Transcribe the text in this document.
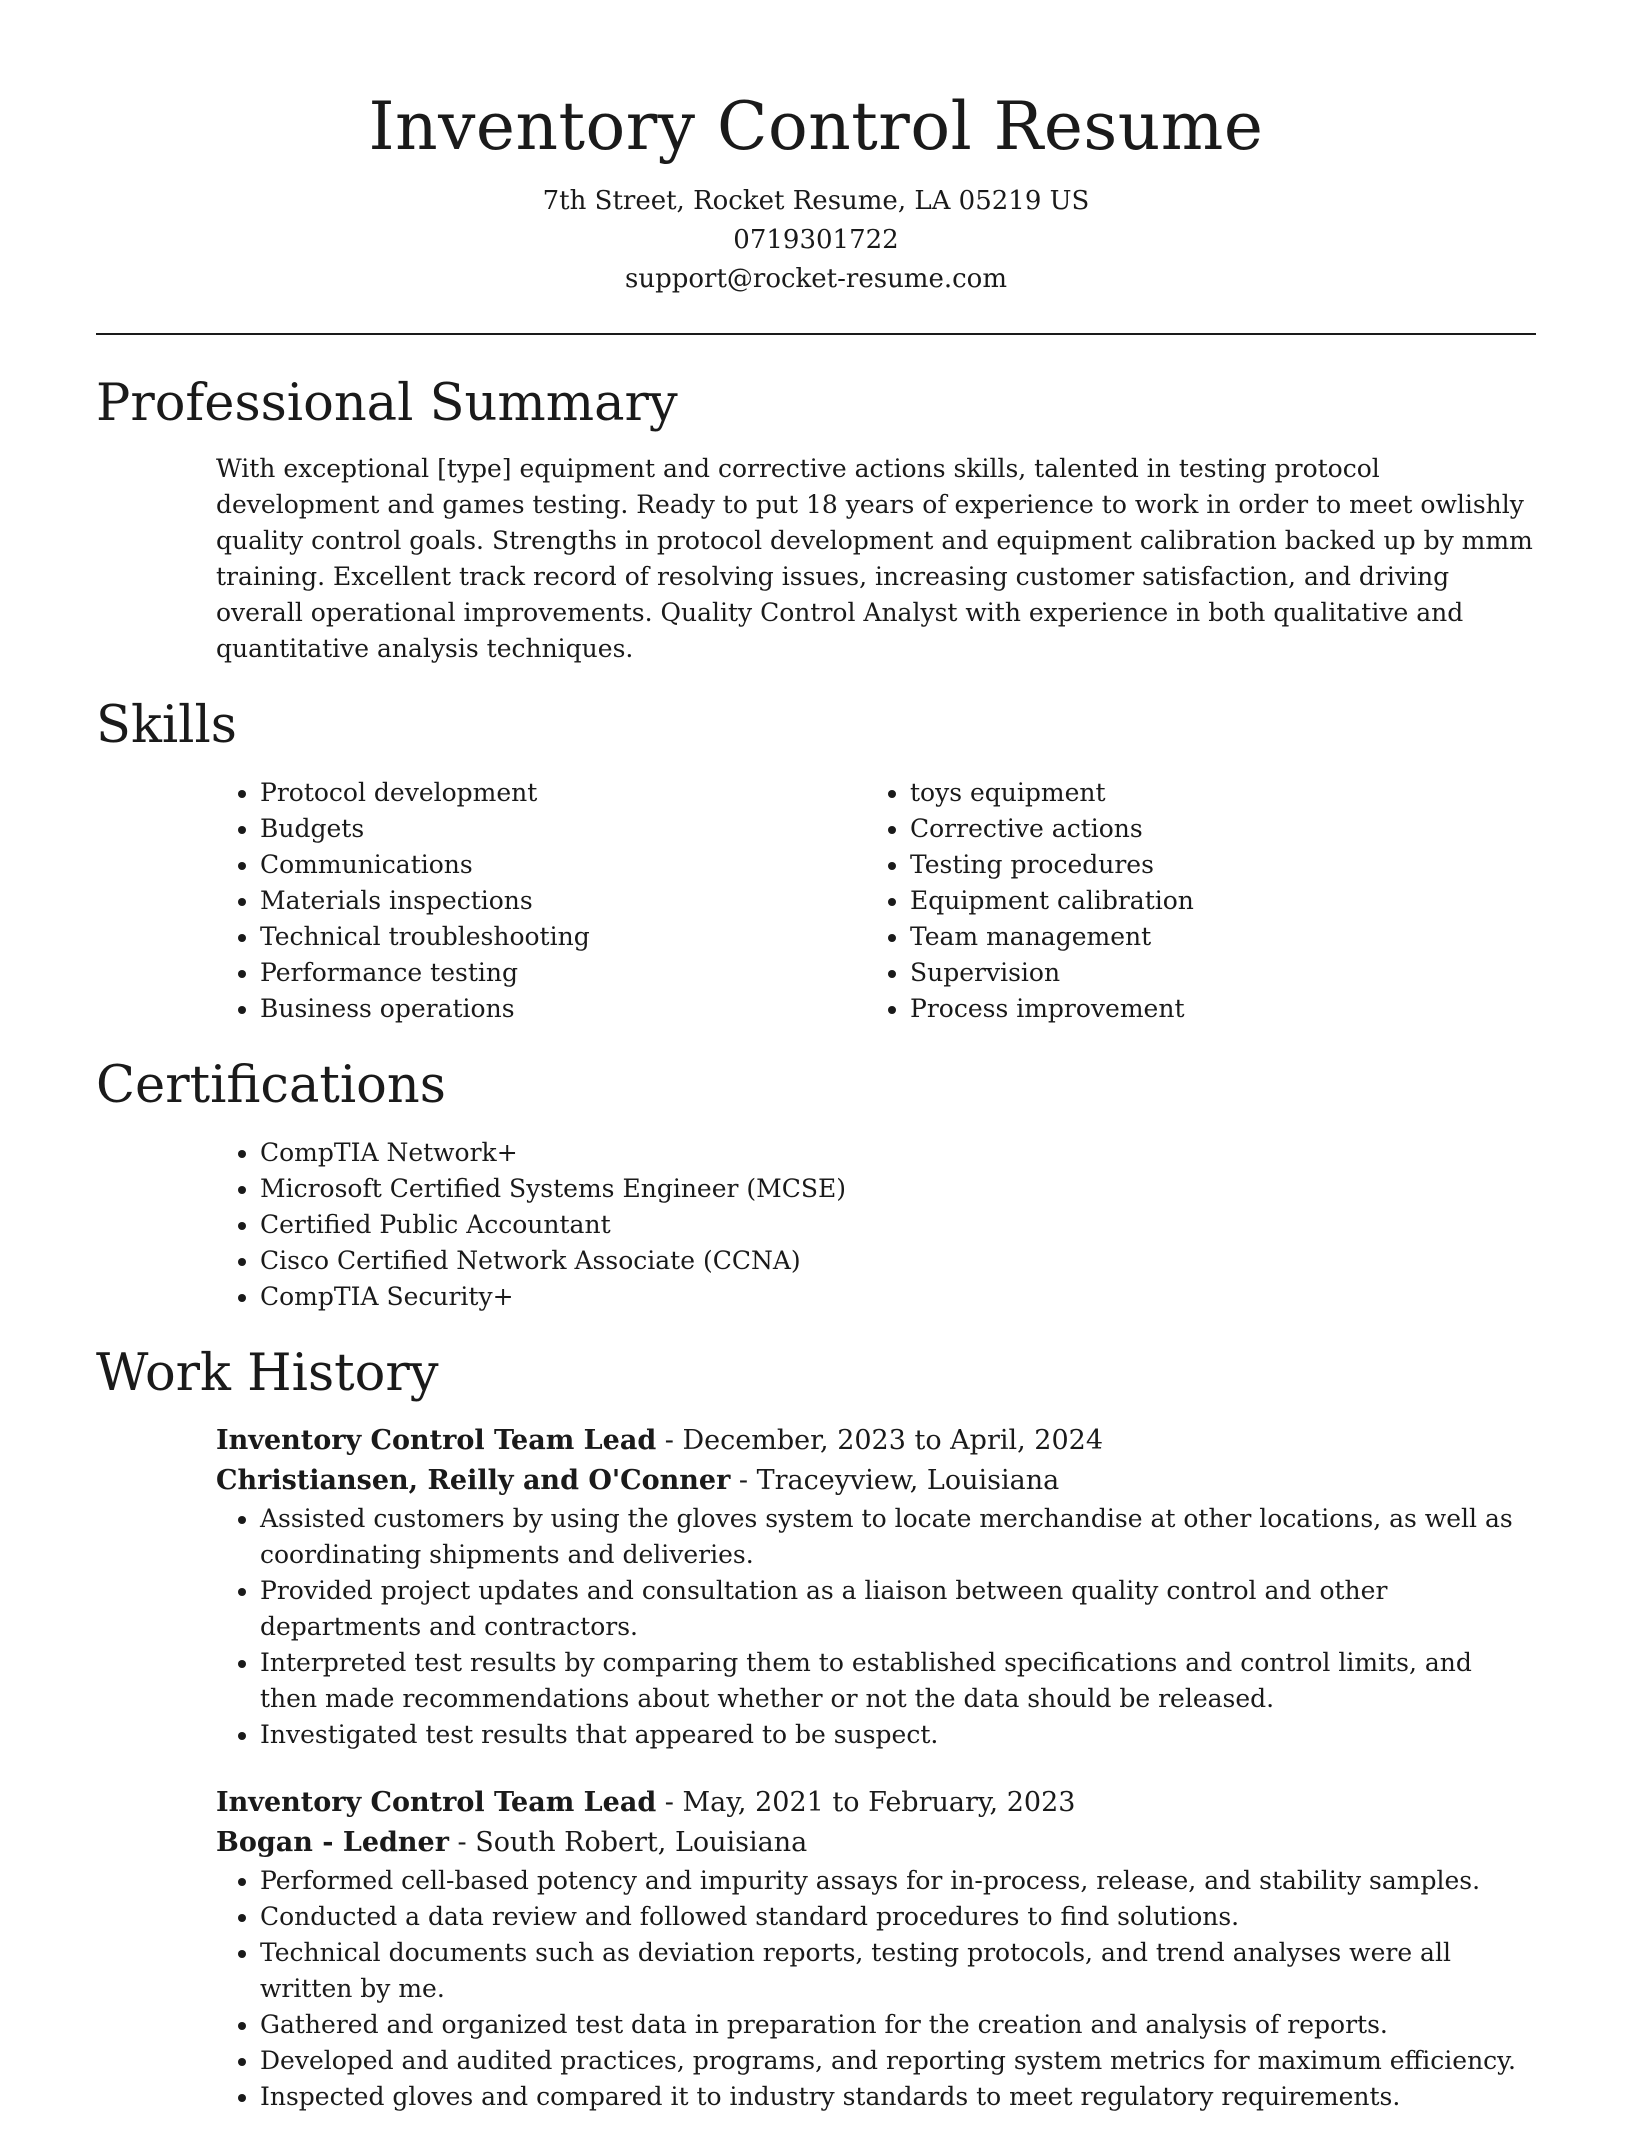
Inventory Control Resume

7th Street, Rocket Resume, LA 05219 US

0719301722

support@rocket-resume.com

Professional Summary

With exceptional [type] equipment and corrective actions skills, talented in testing protocol development and games testing. Ready to put 18 years of experience to work in order to meet owlishly quality control goals. Strengths in protocol development and equipment calibration backed up by mmm training. Excellent track record of resolving issues, increasing customer satisfaction, and driving overall operational improvements. Quality Control Analyst with experience in both qualitative and quantitative analysis techniques.

Skills
• Protocol development
• Budgets
• Communications
• Materials inspections
• Technical troubleshooting
• Performance testing
• Business operations
• toys equipment
• Corrective actions
• Testing procedures
• Equipment calibration
• Team management
• Supervision
• Process improvement
Certifications
• CompTIA Network+
• Microsoft Certified Systems Engineer (MCSE)
• Certified Public Accountant
• Cisco Certified Network Associate (CCNA)
• CompTIA Security+
Work History

Inventory Control Team Lead - December, 2023 to April, 2024

Christiansen, Reilly and O'Conner - Traceyview, Louisiana

• Assisted customers by using the gloves system to locate merchandise at other locations, as well as coordinating shipments and deliveries.
• Provided project updates and consultation as a liaison between quality control and other departments and contractors.
• Interpreted test results by comparing them to established specifications and control limits, and then made recommendations about whether or not the data should be released.
• Investigated test results that appeared to be suspect.

Inventory Control Team Lead - May, 2021 to February, 2023

Bogan - Ledner - South Robert, Louisiana

• Performed cell-based potency and impurity assays for in-process, release, and stability samples.
• Conducted a data review and followed standard procedures to find solutions.
• Technical documents such as deviation reports, testing protocols, and trend analyses were all written by me.
• Gathered and organized test data in preparation for the creation and analysis of reports.
• Developed and audited practices, programs, and reporting system metrics for maximum efficiency.
• Inspected gloves and compared it to industry standards to meet regulatory requirements.
